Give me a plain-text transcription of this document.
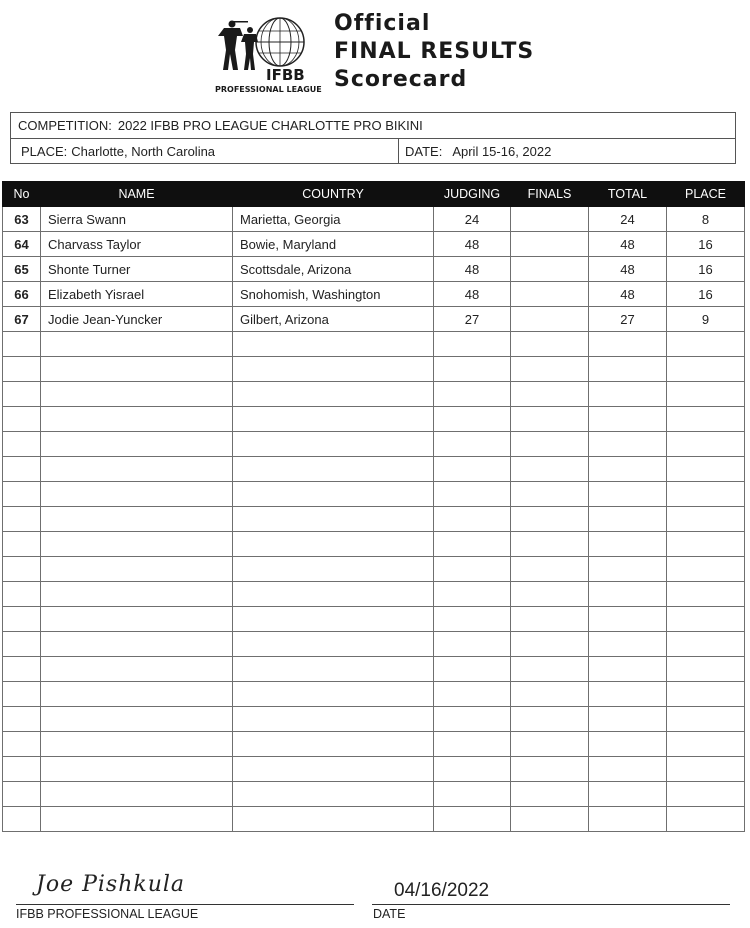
IFBB
PROFESSIONAL LEAGUE
Official
FINAL RESULTS
Scorecard
COMPETITION: 2022 IFBB PRO LEAGUE CHARLOTTE PRO BIKINI
PLACE: Charlotte, North Carolina	DATE: April 15-16, 2022
No	NAME	COUNTRY	JUDGING	FINALS	TOTAL	PLACE
63	Sierra Swann	Marietta, Georgia	24		24	8
64	Charvass Taylor	Bowie, Maryland	48		48	16
65	Shonte Turner	Scottsdale, Arizona	48		48	16
66	Elizabeth Yisrael	Snohomish, Washington	48		48	16
67	Jodie Jean-Yuncker	Gilbert, Arizona	27		27	9

Joe Pishkula
IFBB PROFESSIONAL LEAGUE
04/16/2022
DATE
